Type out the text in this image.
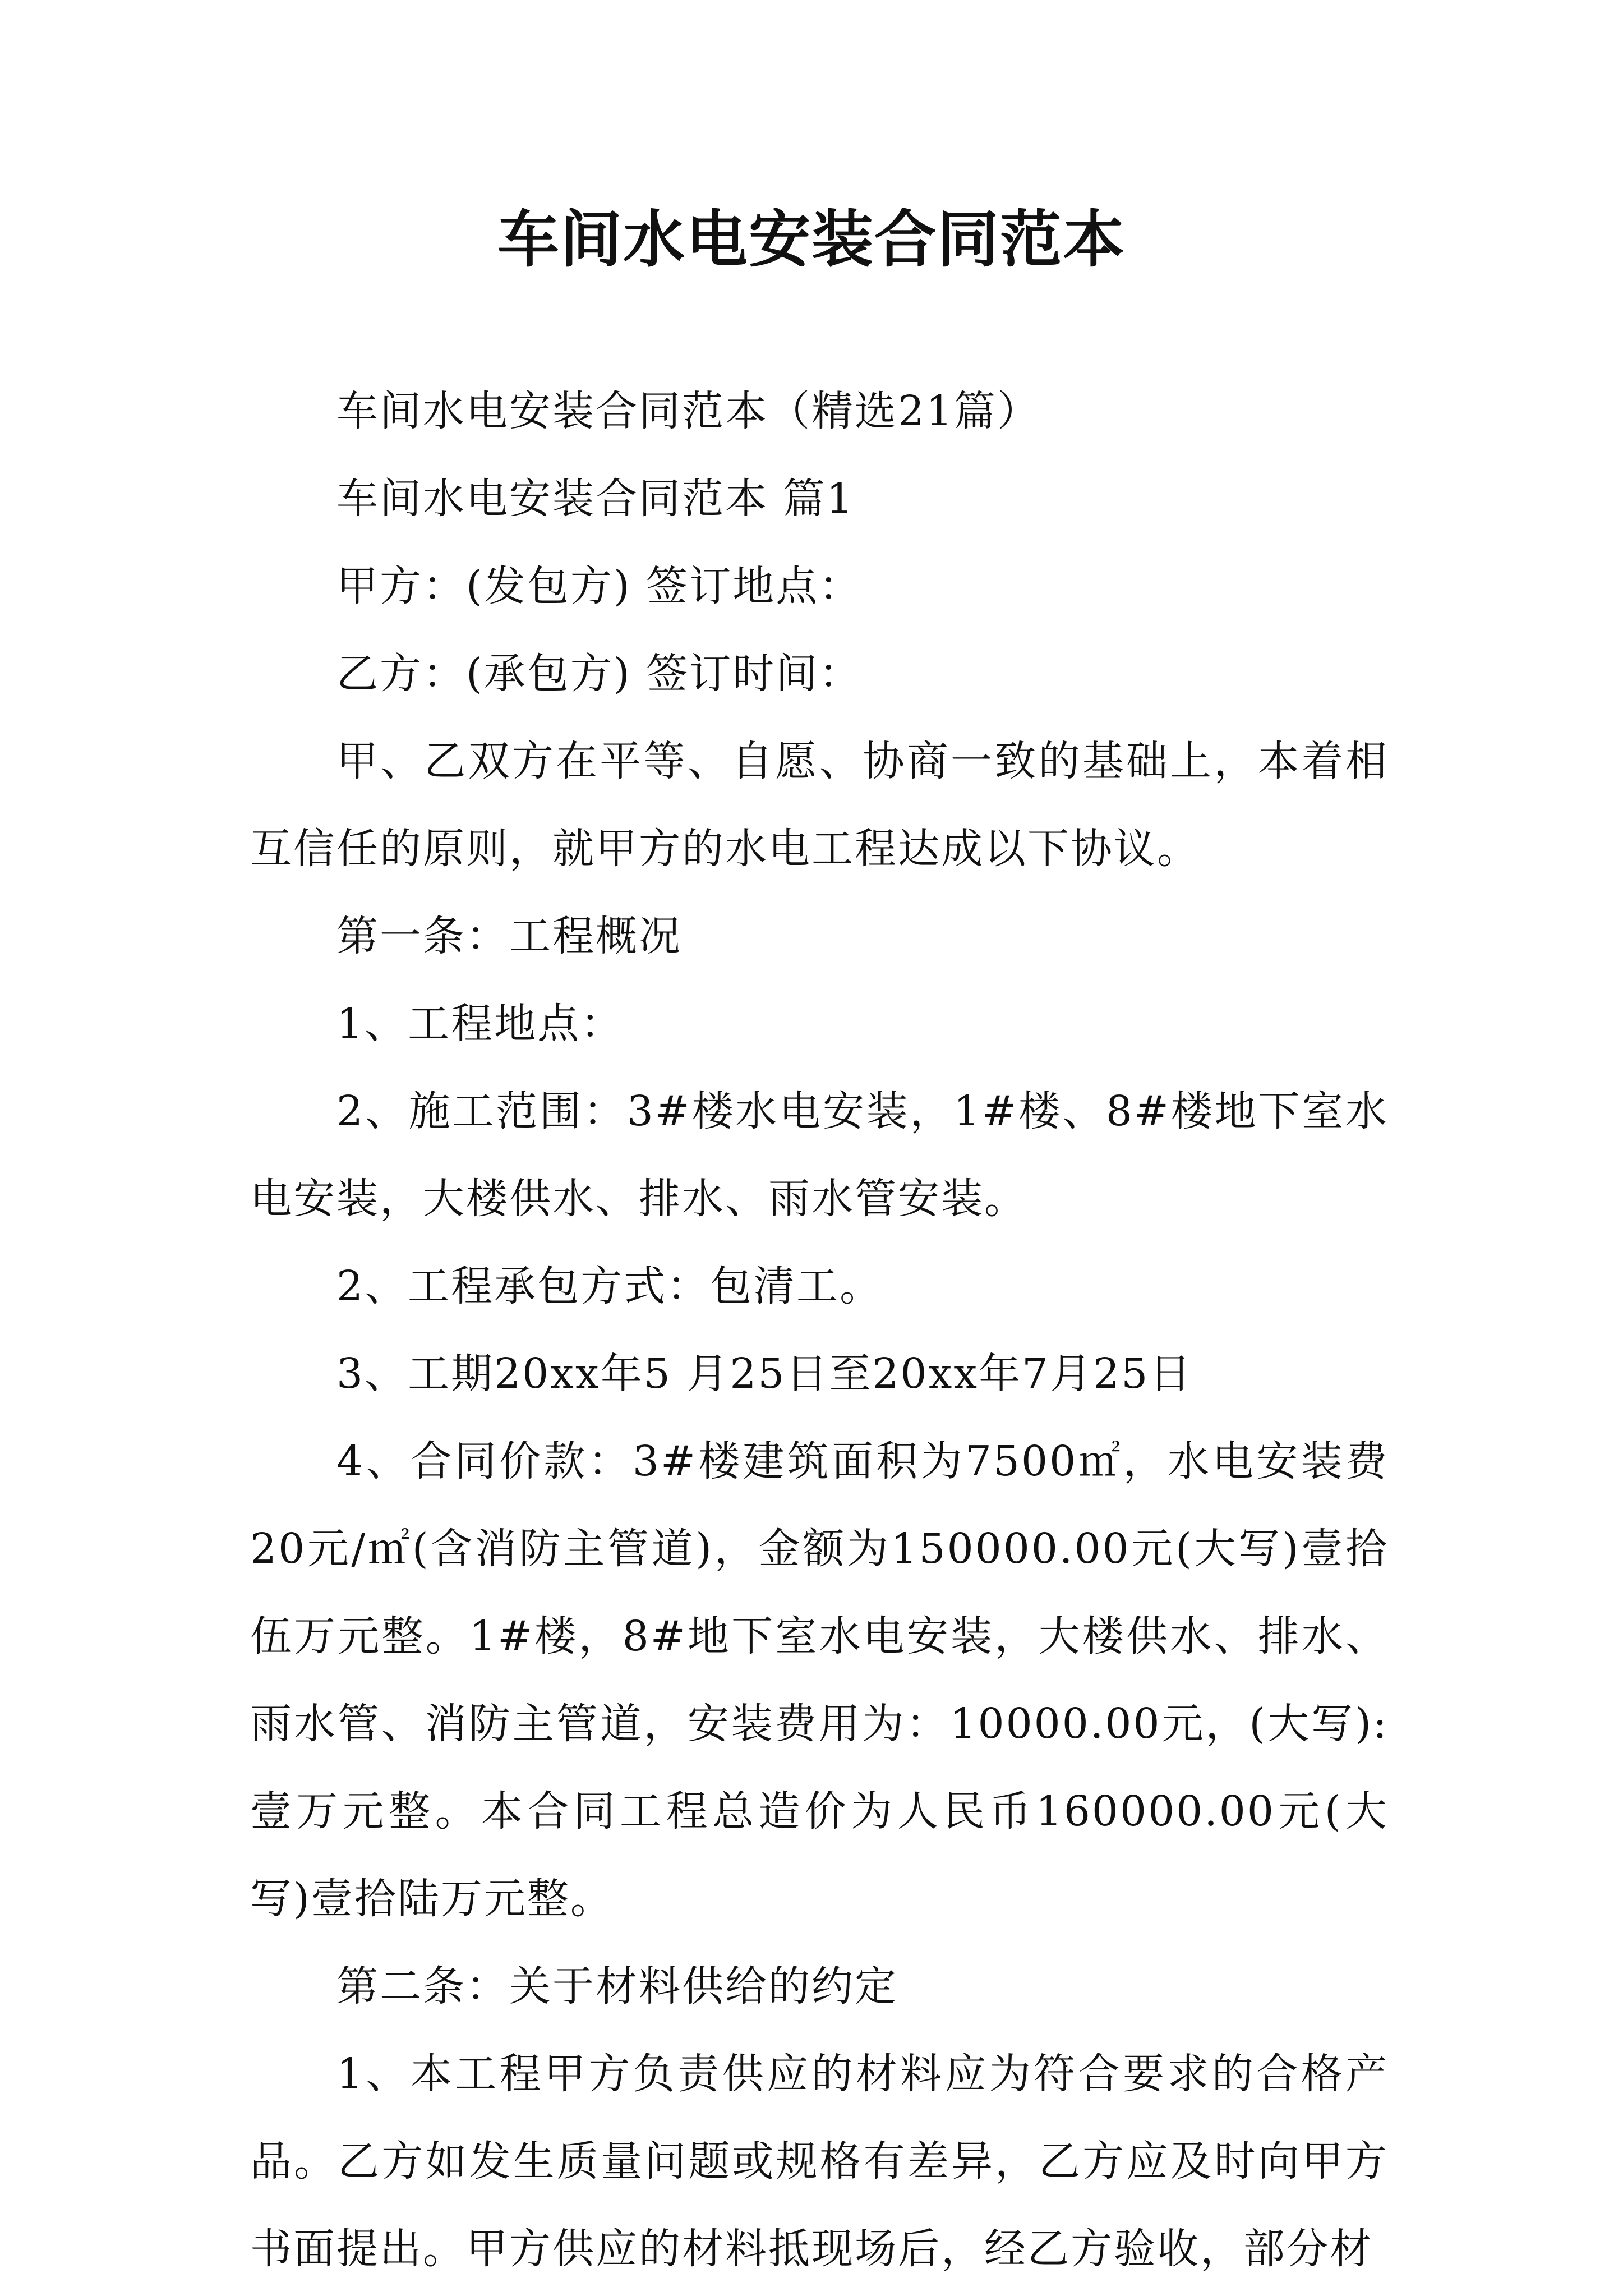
车间水电安装合同范本

车间水电安装合同范本（精选21篇）

车间水电安装合同范本 篇1

甲方：(发包方) 签订地点：

乙方：(承包方) 签订时间：

甲、乙双方在平等、自愿、协商一致的基础上，本着相互信任的原则，就甲方的水电工程达成以下协议。

第一条：工程概况

1、工程地点：

2、施工范围：3#楼水电安装，1#楼、8#楼地下室水电安装，大楼供水、排水、雨水管安装。

2、工程承包方式：包清工。

3、工期20xx年5 月25日至20xx年7月25日

4、合同价款：3#楼建筑面积为7500㎡，水电安装费20元/㎡(含消防主管道)，金额为150000.00元(大写)壹拾伍万元整。1#楼，8#地下室水电安装，大楼供水、排水、雨水管、消防主管道，安装费用为：10000.00元，(大写):壹万元整。本合同工程总造价为人民币160000.00元(大写)壹拾陆万元整。

第二条：关于材料供给的约定

1、本工程甲方负责供应的材料应为符合要求的合格产品。乙方如发生质量问题或规格有差异，乙方应及时向甲方书面提出。甲方供应的材料抵现场后，经乙方验收，部分材
